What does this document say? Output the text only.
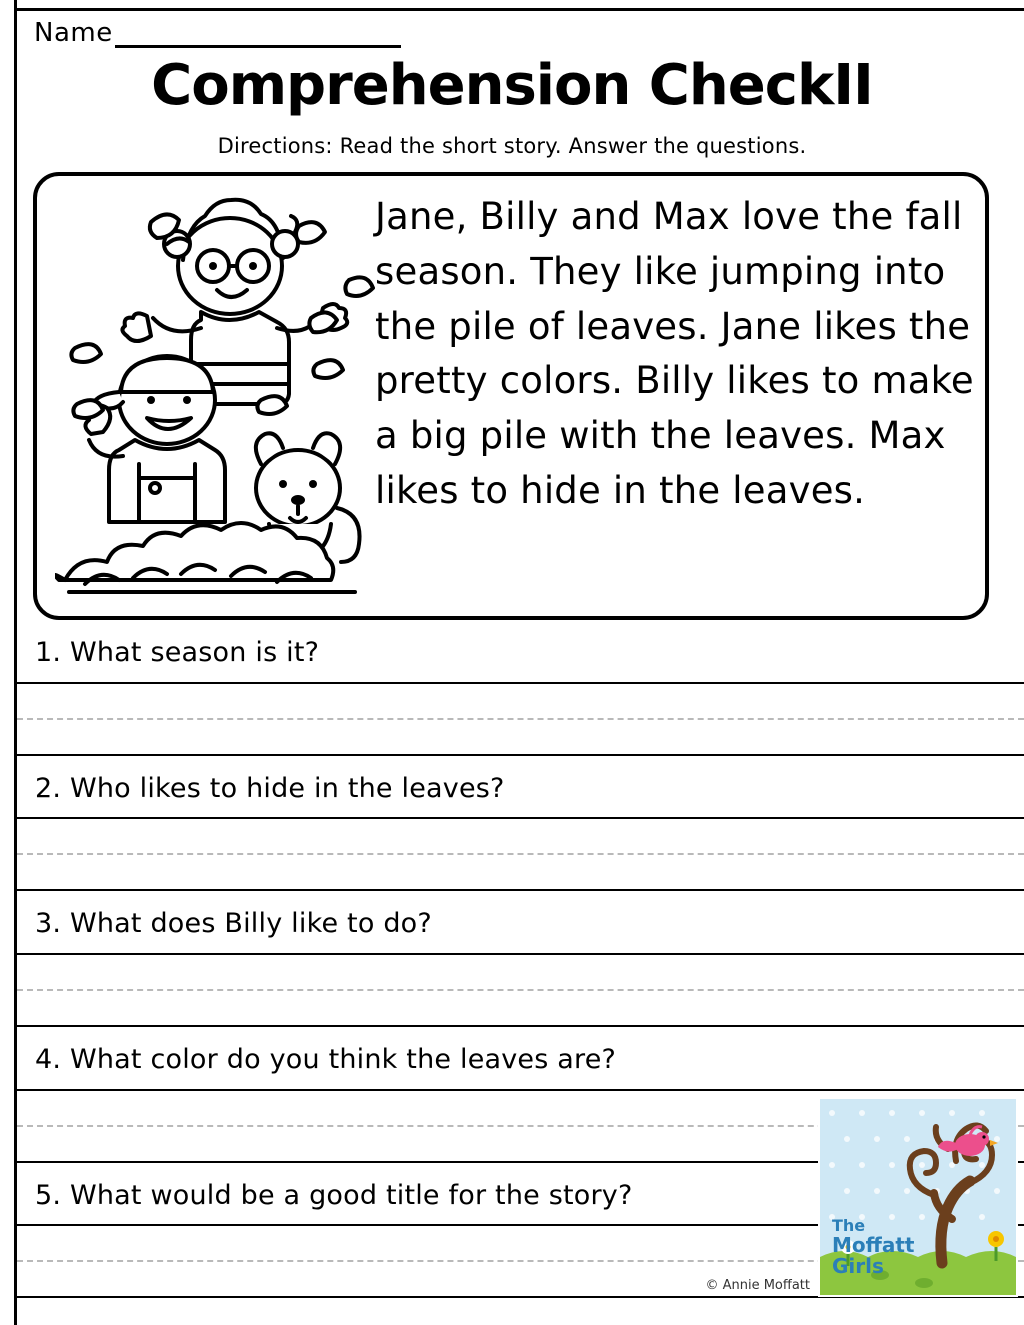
Name
Comprehension CheckII
Directions: Read the short story. Answer the questions.
Jane, Billy and Max love the fall season. They like jumping into the pile of leaves. Jane likes the pretty colors. Billy likes to make a big pile with the leaves. Max likes to hide in the leaves.
1. What season is it?
2. Who likes to hide in the leaves?
3. What does Billy like to do?
4. What color do you think the leaves are?
5. What would be a good title for the story?
© Annie Moffatt
The
Moffatt
Girls
